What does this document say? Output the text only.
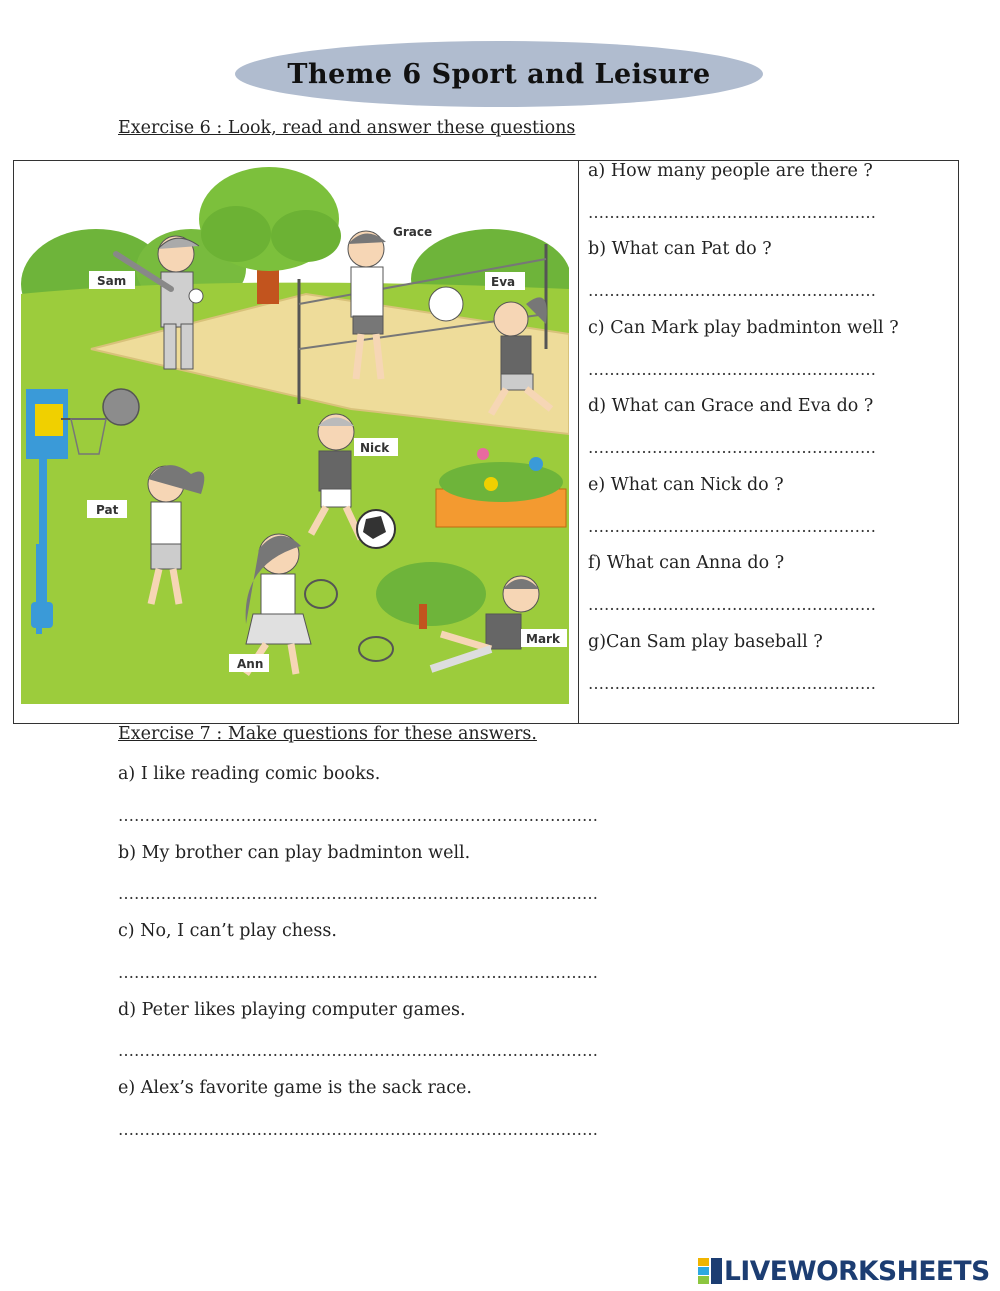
Theme 6 Sport and Leisure
Exercise 6 : Look, read and answer these questions
Sam
Grace
Eva
Nick
Pat
Ann
Mark
a) How many people are there ?
………………………………………………
b) What can Pat do ?
………………………………………………
c) Can Mark play badminton well ?
………………………………………………
d) What can Grace and Eva do ?
………………………………………………
e) What can Nick do ?
………………………………………………
f) What can Anna do ?
………………………………………………
g)Can Sam play baseball ?
………………………………………………
Exercise 7 : Make questions for these answers.
a) I like reading comic books.
………………………………………………………………………………
b) My brother can play badminton well.
………………………………………………………………………………
c) No, I can’t play chess.
………………………………………………………………………………
d) Peter likes playing computer games.
………………………………………………………………………………
e) Alex’s favorite game is the sack race.
………………………………………………………………………………
LIVEWORKSHEETS
